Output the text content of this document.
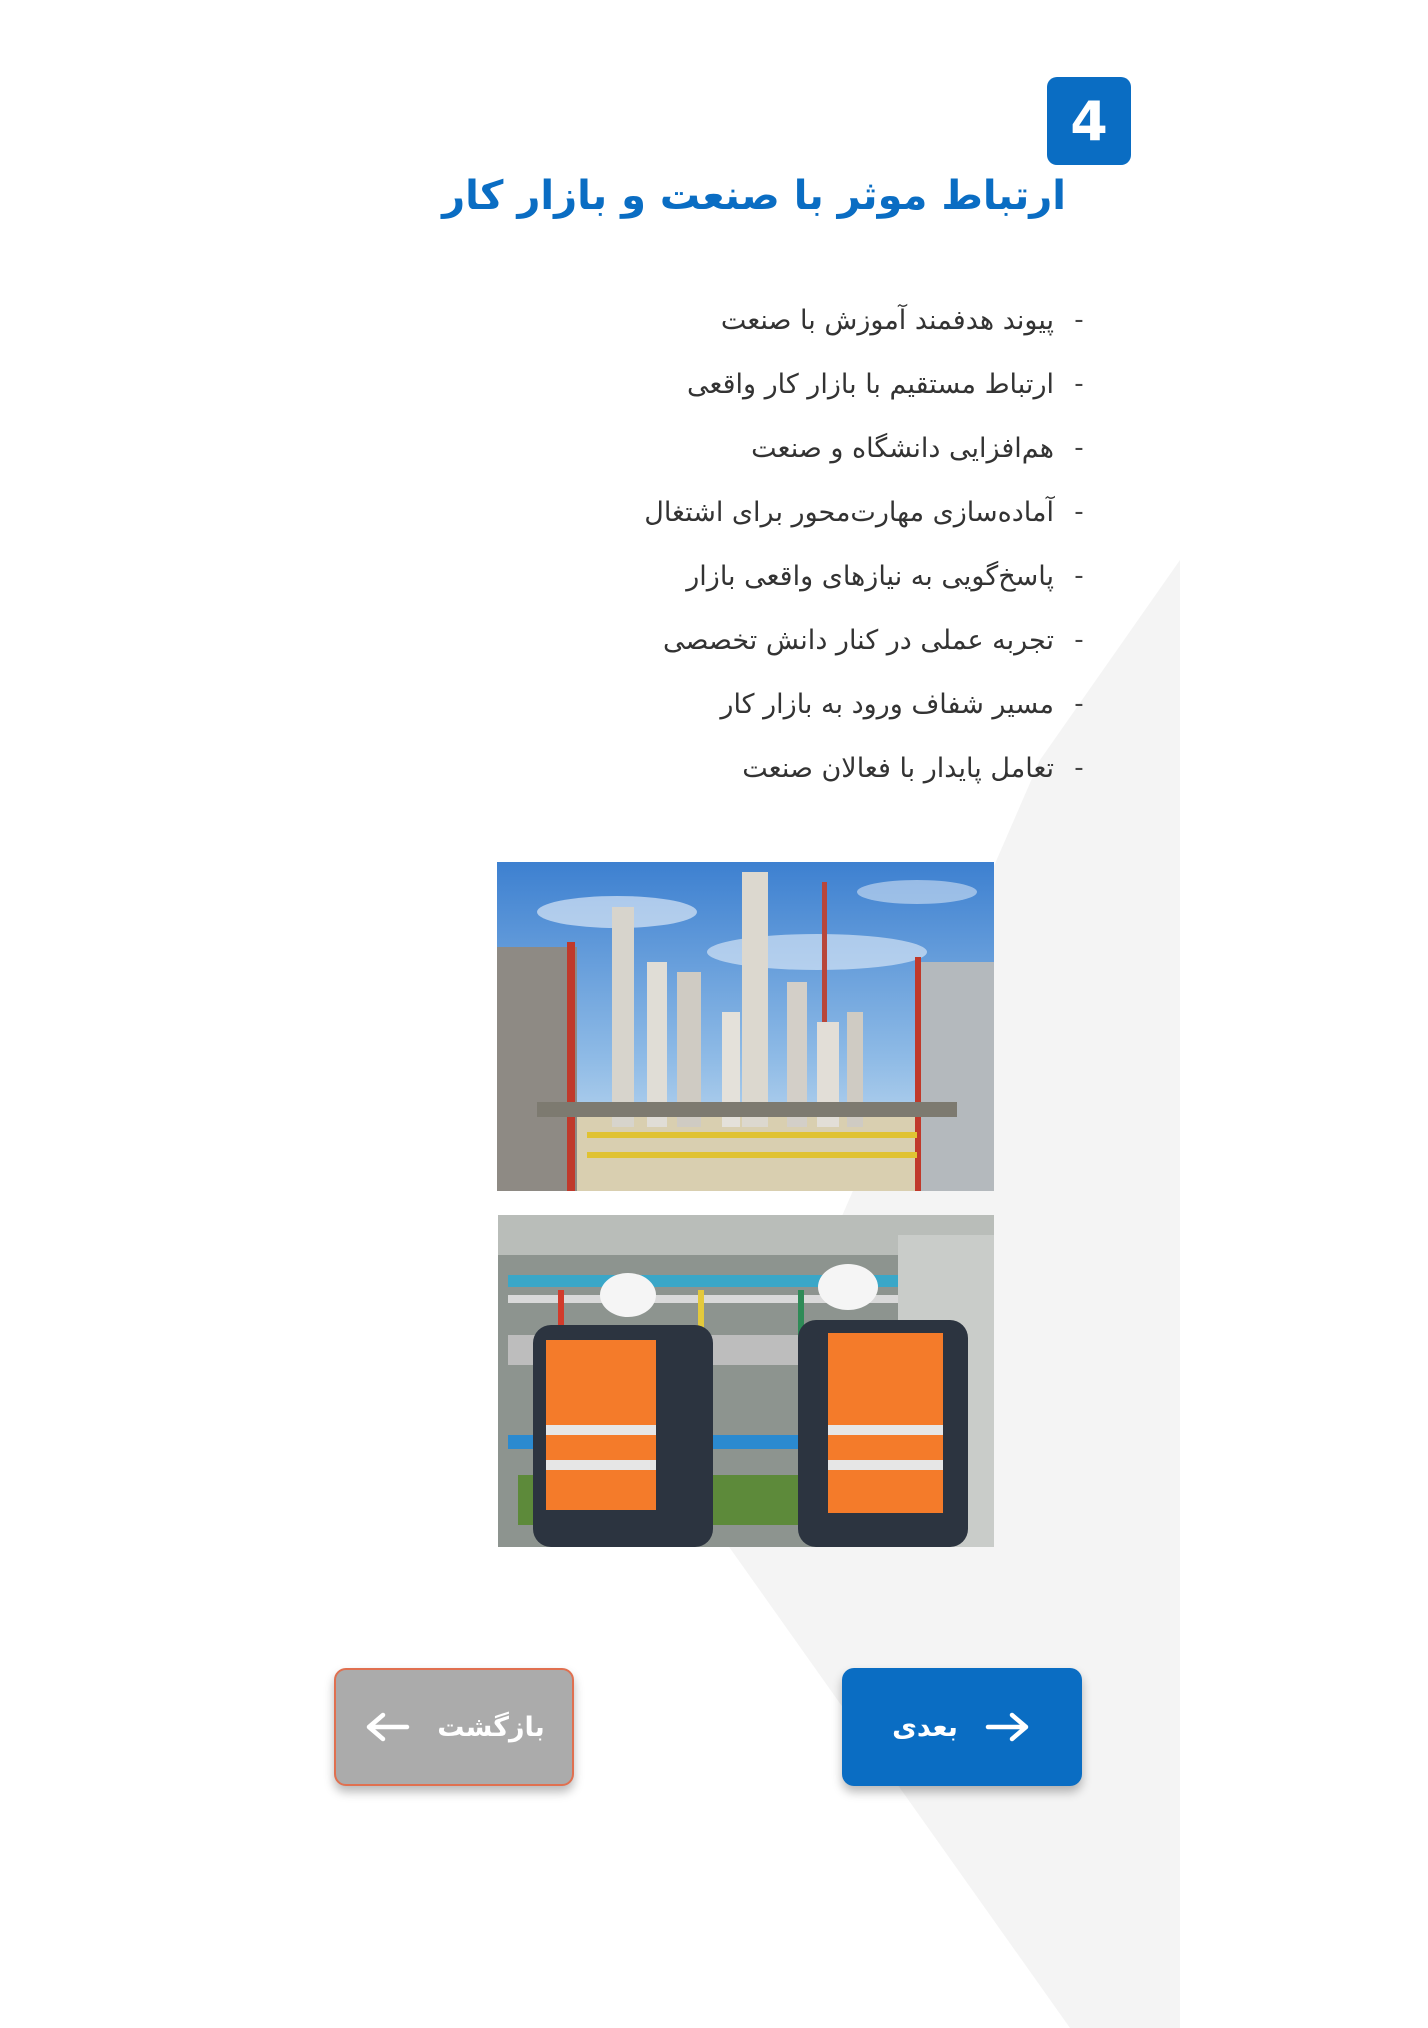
4
ارتباط موثر با صنعت و بازار کار
-
پیوند هدفمند آموزش با صنعت
-
ارتباط مستقیم با بازار کار واقعی
-
هم‌افزایی دانشگاه و صنعت
-
آماده‌سازی مهارت‌محور برای اشتغال
-
پاسخ‌گویی به نیازهای واقعی بازار
-
تجربه عملی در کنار دانش تخصصی
-
مسیر شفاف ورود به بازار کار
-
تعامل پایدار با فعالان صنعت
بعدی
بازگشت
